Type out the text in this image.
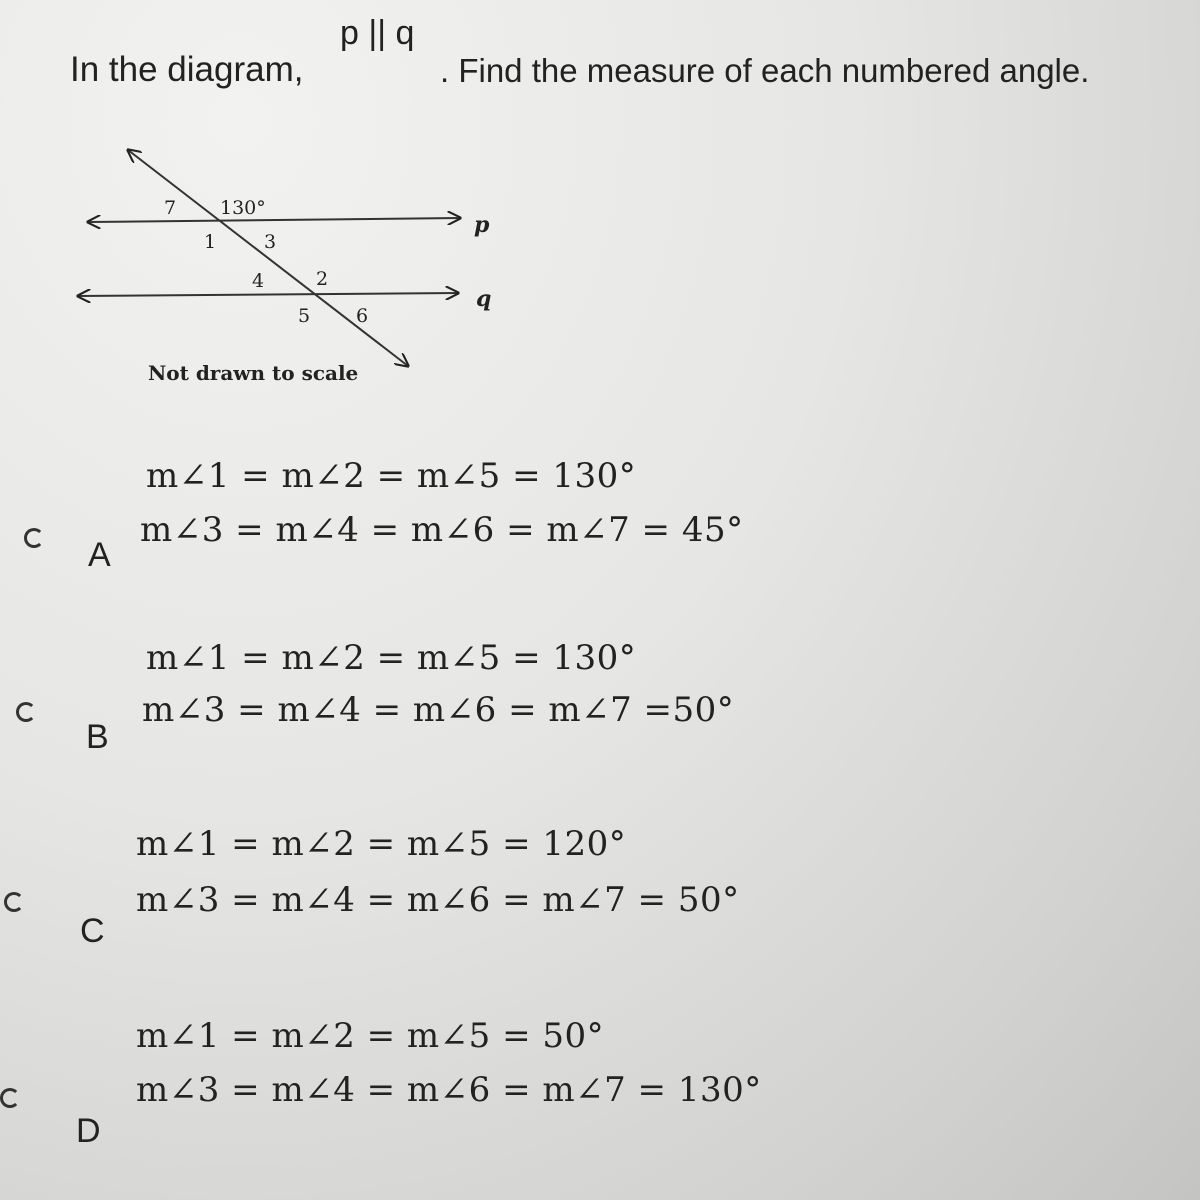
In the diagram,
p || q
. Find the measure of each numbered angle.
p
q
130°
7
1	3
4	2
5 6
Not drawn to scale
A
m∠1 = m∠2 = m∠5 = 130°
m∠3 = m∠4 = m∠6 = m∠7 = 45°
B
m∠1 = m∠2 = m∠5 = 130°
m∠3 = m∠4 = m∠6 = m∠7 =50°
C
m∠1 = m∠2 = m∠5 = 120°
m∠3 = m∠4 = m∠6 = m∠7 = 50°
D
m∠1 = m∠2 = m∠5 = 50°
m∠3 = m∠4 = m∠6 = m∠7 = 130°
